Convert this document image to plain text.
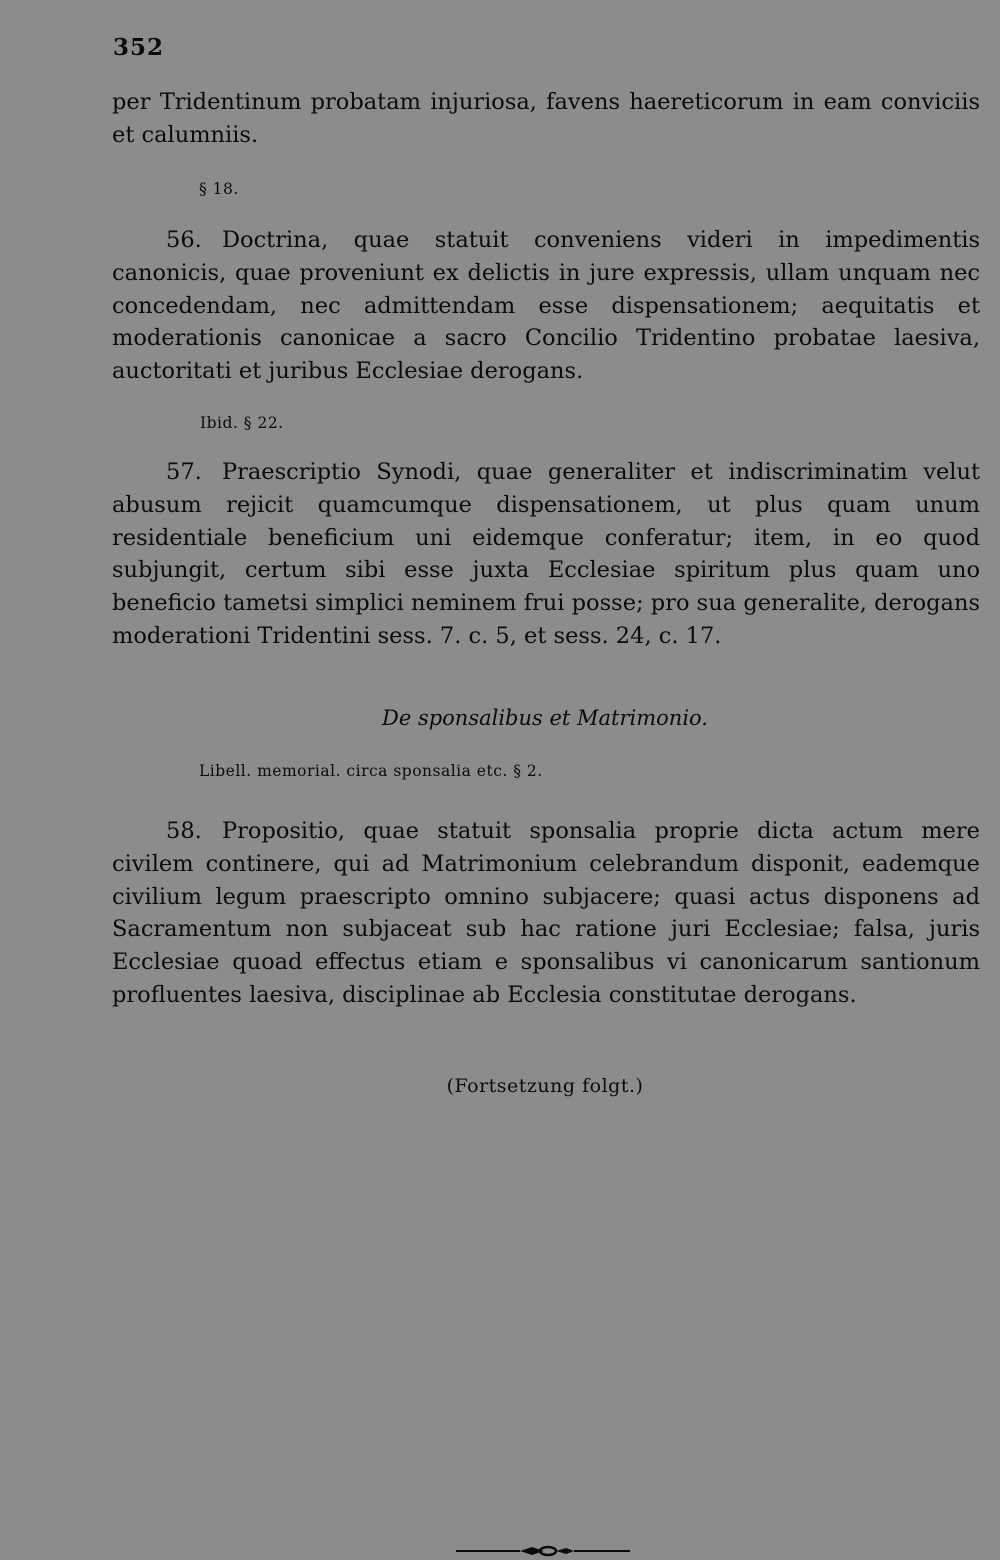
352
per Tridentinum probatam injuriosa, favens haereticorum in eam conviciis et calumniis.
§ 18.
56. Doctrina, quae statuit conveniens videri in impedimentis canonicis, quae proveniunt ex delictis in jure expressis, ullam unquam nec concedendam, nec admittendam esse dispensationem; aequitatis et moderationis canonicae a sacro Concilio Tridentino probatae laesiva, auctoritati et juribus Ecclesiae derogans.
Ibid. § 22.
57. Praescriptio Synodi, quae generaliter et indiscriminatim velut abusum rejicit quamcumque dispensationem, ut plus quam unum residentiale beneficium uni eidemque conferatur; item, in eo quod subjungit, certum sibi esse juxta Ecclesiae spiritum plus quam uno beneficio tametsi simplici neminem frui posse; pro sua generalite, derogans moderationi Tridentini sess. 7. c. 5, et sess. 24, c. 17.
De sponsalibus et Matrimonio.
Libell. memorial. circa sponsalia etc. § 2.
58. Propositio, quae statuit sponsalia proprie dicta actum mere civilem continere, qui ad Matrimonium celebrandum disponit, eademque civilium legum praescripto omnino subjacere; quasi actus disponens ad Sacramentum non subjaceat sub hac ratione juri Ecclesiae; falsa, juris Ecclesiae quoad effectus etiam e sponsalibus vi canonicarum santionum profluentes laesiva, disciplinae ab Ecclesia constitutae derogans.
(Fortsetzung folgt.)
